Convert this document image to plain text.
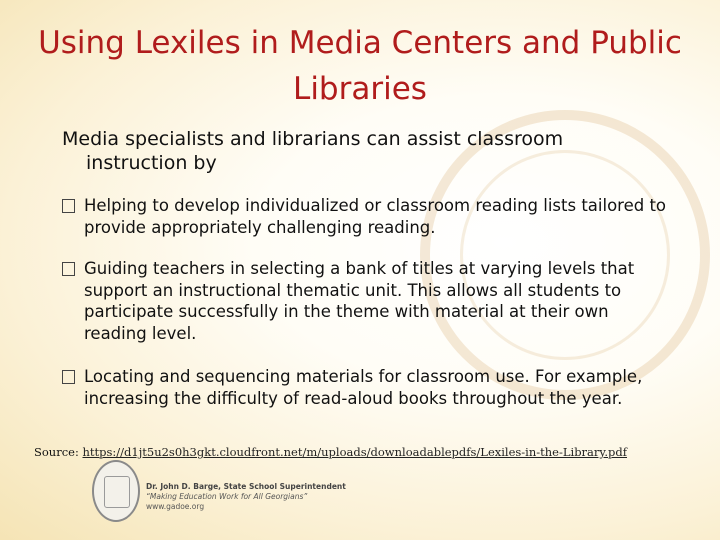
Using Lexiles in Media Centers and Public Libraries

Media specialists and librarians can assist classroom instruction by

Helping to develop individualized or classroom reading lists tailored to provide appropriately challenging reading.
Guiding teachers in selecting a bank of titles at varying levels that support an instructional thematic unit. This allows all students to participate successfully in the theme with material at their own reading level.
Locating and sequencing materials for classroom use. For example, increasing the difficulty of read-aloud books throughout the year.
Source: https://d1jt5u2s0h3gkt.cloudfront.net/m/uploads/downloadablepdfs/Lexiles-in-the-Library.pdf
Dr. John D. Barge, State School Superintendent
“Making Education Work for All Georgians”
www.gadoe.org
